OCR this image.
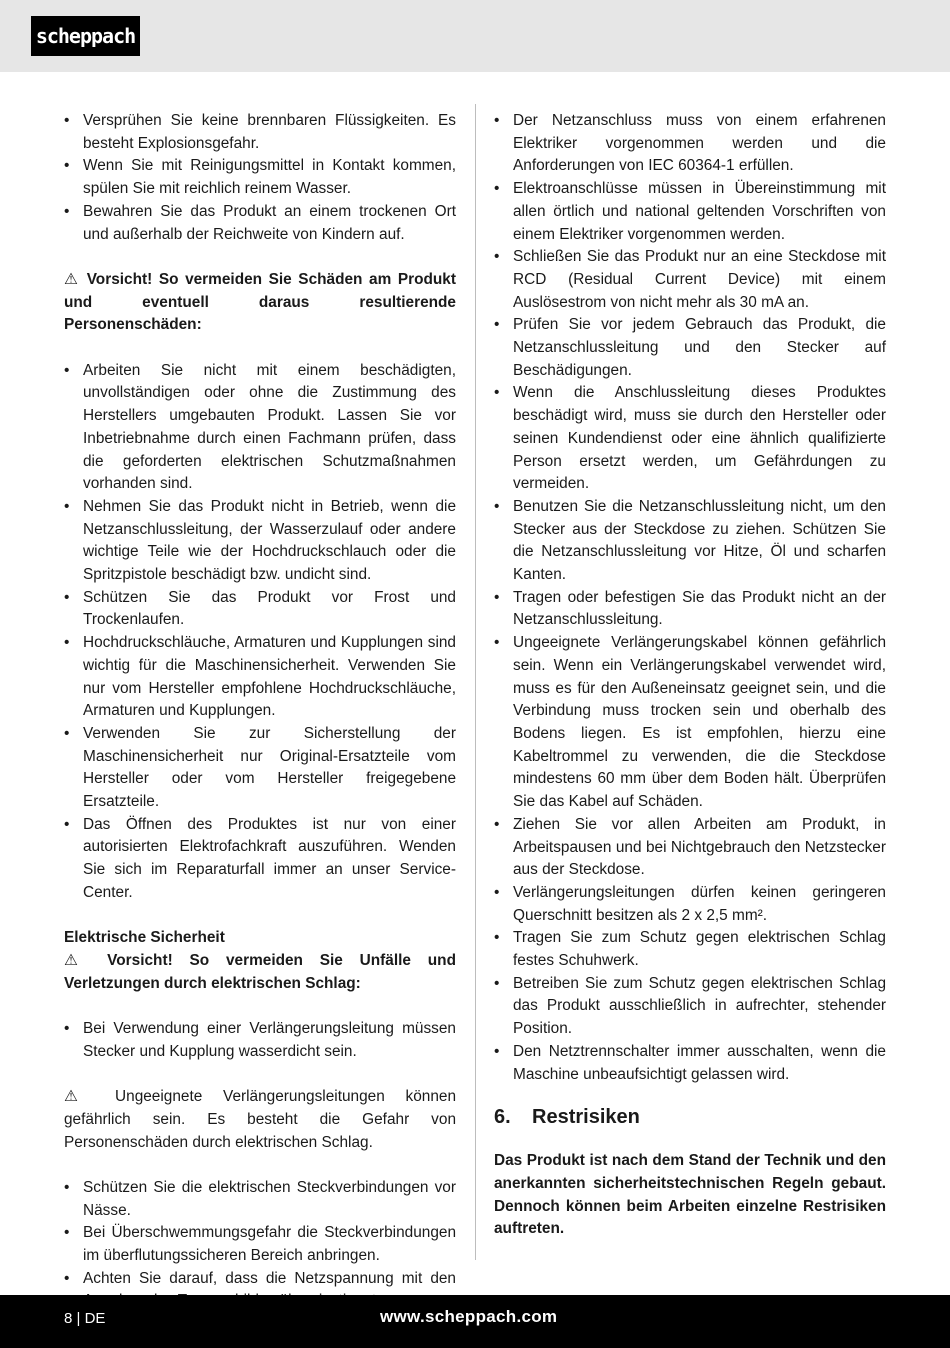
scheppach
• Versprühen Sie keine brennbaren Flüssigkeiten. Es besteht Explosionsgefahr.
• Wenn Sie mit Reinigungsmittel in Kontakt kommen, spülen Sie mit reichlich reinem Wasser.
• Bewahren Sie das Produkt an einem trockenen Ort und außerhalb der Reichweite von Kindern auf.

⚠ Vorsicht! So vermeiden Sie Schäden am Produkt und eventuell daraus resultierende Personenschäden:

• Arbeiten Sie nicht mit einem beschädigten, unvollständigen oder ohne die Zustimmung des Herstellers umgebauten Produkt. Lassen Sie vor Inbetriebnahme durch einen Fachmann prüfen, dass die geforderten elektrischen Schutzmaßnahmen vorhanden sind.
• Nehmen Sie das Produkt nicht in Betrieb, wenn die Netzanschlussleitung, der Wasserzulauf oder andere wichtige Teile wie der Hochdruckschlauch oder die Spritzpistole beschädigt bzw. undicht sind.
• Schützen Sie das Produkt vor Frost und Trockenlaufen.
• Hochdruckschläuche, Armaturen und Kupplungen sind wichtig für die Maschinensicherheit. Verwenden Sie nur vom Hersteller empfohlene Hochdruckschläuche, Armaturen und Kupplungen.
• Verwenden Sie zur Sicherstellung der Maschinensicherheit nur Original-Ersatzteile vom Hersteller oder vom Hersteller freigegebene Ersatzteile.
• Das Öffnen des Produktes ist nur von einer autorisierten Elektrofachkraft auszuführen. Wenden Sie sich im Reparaturfall immer an unser Service-Center.

Elektrische Sicherheit

⚠ Vorsicht! So vermeiden Sie Unfälle und Verletzungen durch elektrischen Schlag:

• Bei Verwendung einer Verlängerungsleitung müssen Stecker und Kupplung wasserdicht sein.

⚠ Ungeeignete Verlängerungsleitungen können gefährlich sein. Es besteht die Gefahr von Personenschäden durch elektrischen Schlag.

• Schützen Sie die elektrischen Steckverbindungen vor Nässe.
• Bei Überschwemmungsgefahr die Steckverbindungen im überflutungssicheren Bereich anbringen.
• Achten Sie darauf, dass die Netzspannung mit den
• Der Netzanschluss muss von einem erfahrenen Elektriker vorgenommen werden und die Anforderungen von IEC 60364-1 erfüllen.
• Elektroanschlüsse müssen in Übereinstimmung mit allen örtlich und national geltenden Vorschriften von einem Elektriker vorgenommen werden.
• Schließen Sie das Produkt nur an eine Steckdose mit RCD (Residual Current Device) mit einem Auslösestrom von nicht mehr als 30 mA an.
• Prüfen Sie vor jedem Gebrauch das Produkt, die Netzanschlussleitung und den Stecker auf Beschädigungen.
• Wenn die Anschlussleitung dieses Produktes beschädigt wird, muss sie durch den Hersteller oder seinen Kundendienst oder eine ähnlich qualifizierte Person ersetzt werden, um Gefährdungen zu vermeiden.
• Benutzen Sie die Netzanschlussleitung nicht, um den Stecker aus der Steckdose zu ziehen. Schützen Sie die Netzanschlussleitung vor Hitze, Öl und scharfen Kanten.
• Tragen oder befestigen Sie das Produkt nicht an der Netzanschlussleitung.
• Ungeeignete Verlängerungskabel können gefährlich sein. Wenn ein Verlängerungskabel verwendet wird, muss es für den Außeneinsatz geeignet sein, und die Verbindung muss trocken sein und oberhalb des Bodens liegen. Es ist empfohlen, hierzu eine Kabeltrommel zu verwenden, die die Steckdose mindestens 60 mm über dem Boden hält. Überprüfen Sie das Kabel auf Schäden.
• Ziehen Sie vor allen Arbeiten am Produkt, in Arbeitspausen und bei Nichtgebrauch den Netzstecker aus der Steckdose.
• Verlängerungsleitungen dürfen keinen geringeren Querschnitt besitzen als 2 x 2,5 mm².
• Tragen Sie zum Schutz gegen elektrischen Schlag festes Schuhwerk.
• Betreiben Sie zum Schutz gegen elektrischen Schlag das Produkt ausschließlich in aufrechter, stehender Position.
• Den Netztrennschalter immer ausschalten, wenn die Maschine unbeaufsichtigt gelassen wird.
6. Restrisiken

Das Produkt ist nach dem Stand der Technik und den anerkannten sicherheitstechnischen Regeln gebaut. Dennoch können beim Arbeiten einzelne Restrisiken auftreten.

8 | DE	www.scheppach.com
